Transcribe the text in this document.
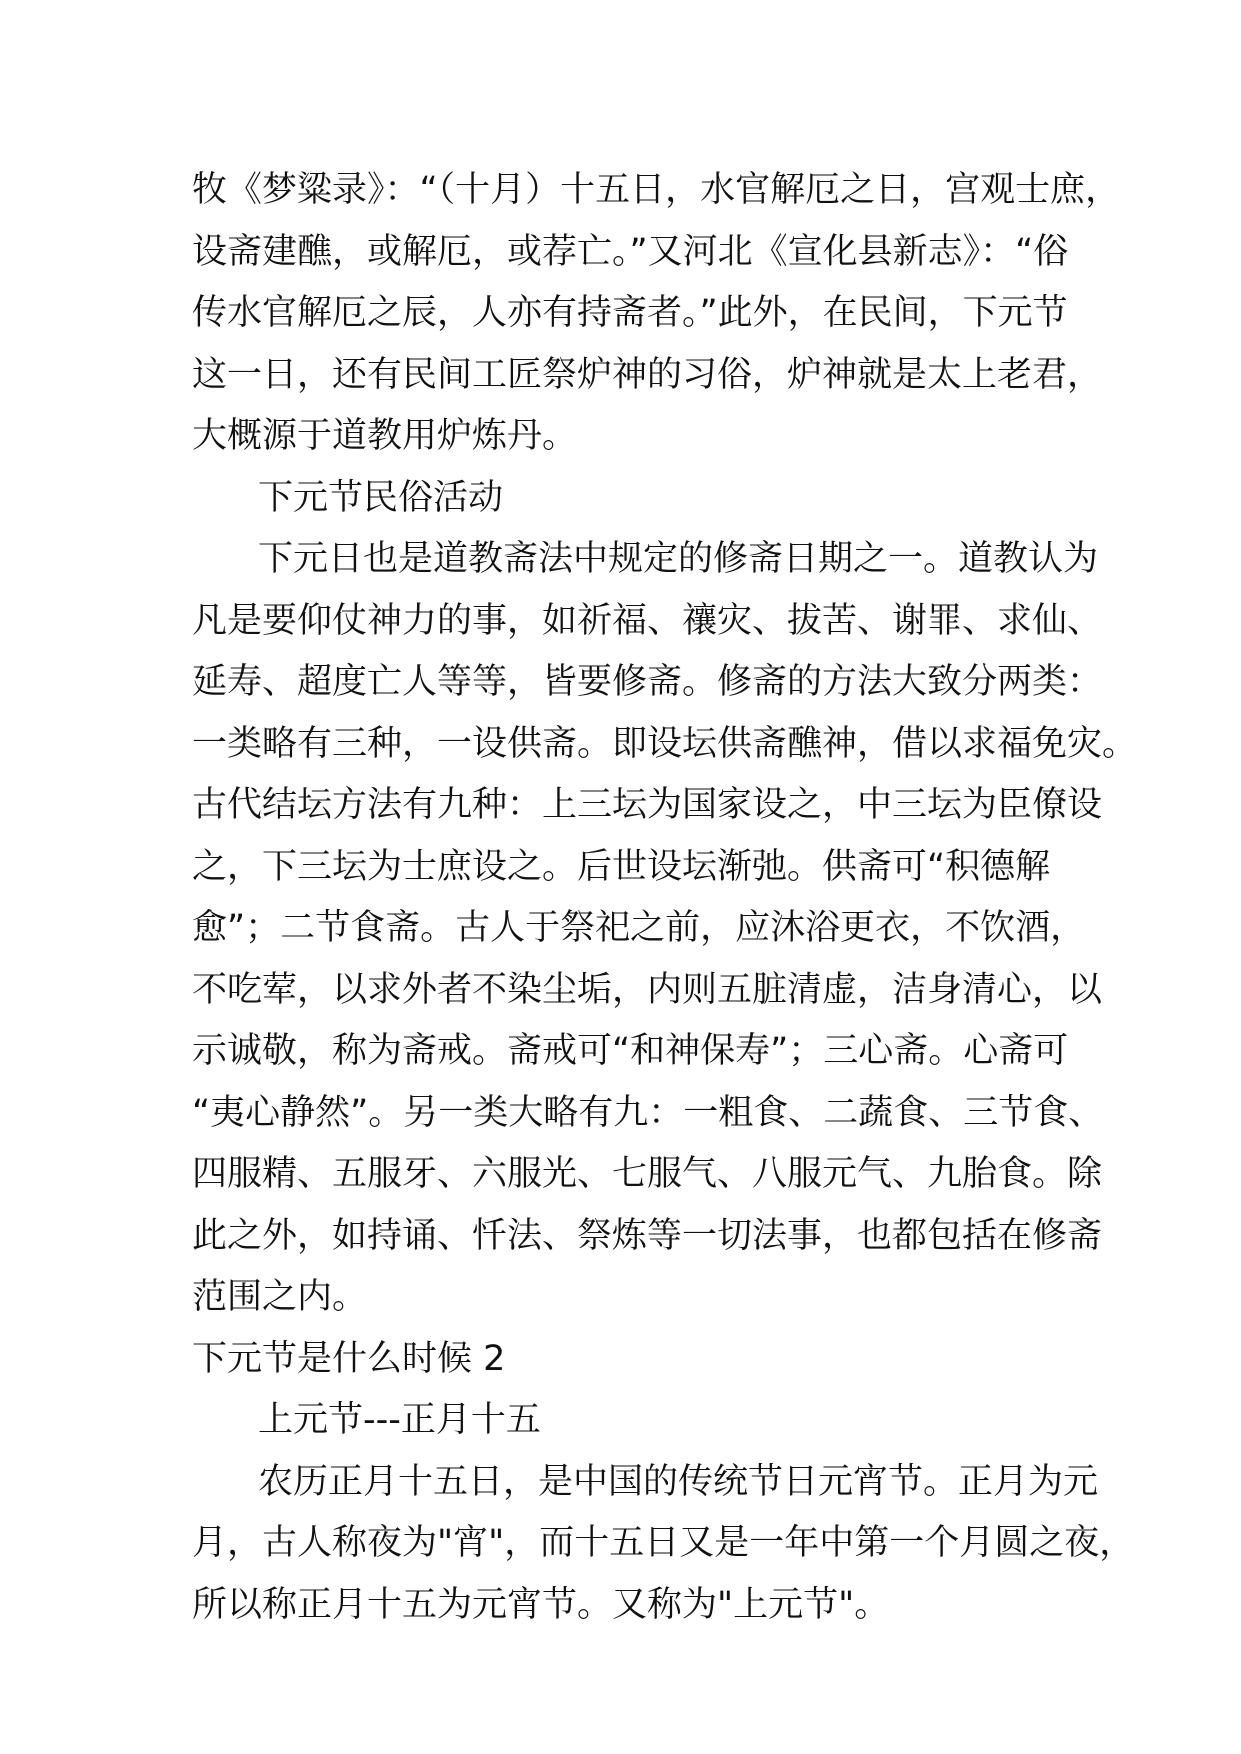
牧《梦粱录》：“（十月）十五日，水官解厄之日，宫观士庶，
设斋建醮，或解厄，或荐亡。”又河北《宣化县新志》：“俗
传水官解厄之辰，人亦有持斋者。”此外，在民间，下元节
这一日，还有民间工匠祭炉神的习俗，炉神就是太上老君，
大概源于道教用炉炼丹。
下元节民俗活动
下元日也是道教斋法中规定的修斋日期之一。道教认为
凡是要仰仗神力的事，如祈福、禳灾、拔苦、谢罪、求仙、
延寿、超度亡人等等，皆要修斋。修斋的方法大致分两类：
一类略有三种，一设供斋。即设坛供斋醮神，借以求福免灾。
古代结坛方法有九种：上三坛为国家设之，中三坛为臣僚设
之，下三坛为士庶设之。后世设坛渐弛。供斋可“积德解
愈”；二节食斋。古人于祭祀之前，应沐浴更衣，不饮酒，
不吃荤，以求外者不染尘垢，内则五脏清虚，洁身清心，以
示诚敬，称为斋戒。斋戒可“和神保寿”；三心斋。心斋可
“夷心静然”。另一类大略有九：一粗食、二蔬食、三节食、
四服精、五服牙、六服光、七服气、八服元气、九胎食。除
此之外，如持诵、忏法、祭炼等一切法事，也都包括在修斋
范围之内。
下元节是什么时候 2
上元节---正月十五
农历正月十五日，是中国的传统节日元宵节。正月为元
月，古人称夜为"宵"，而十五日又是一年中第一个月圆之夜，
所以称正月十五为元宵节。又称为"上元节"。
